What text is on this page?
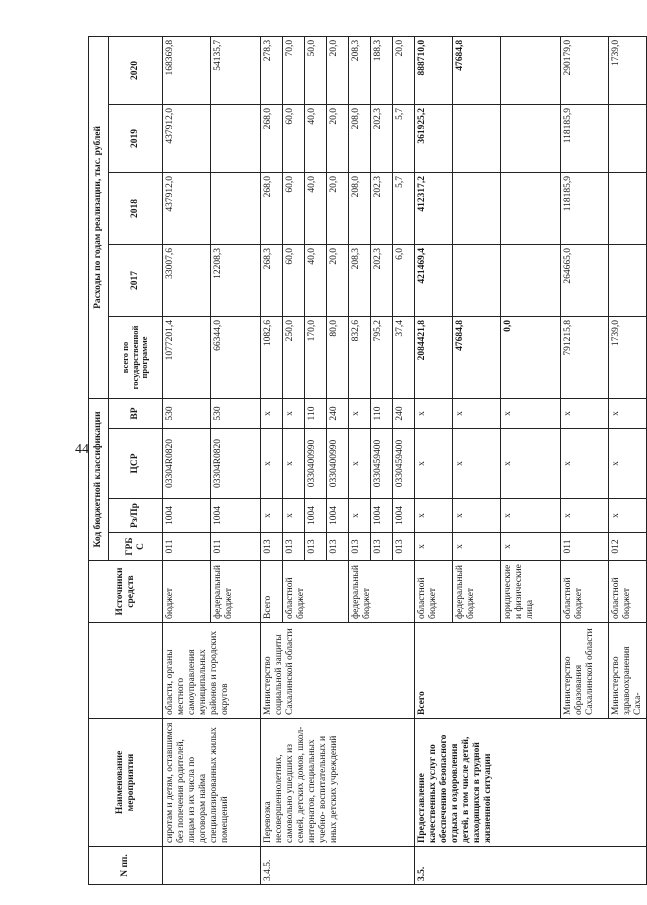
44
N пп.	Наименование мероприятия		Источники средств	Код бюджетной классификации				Расходы по годам реализации, тыс. рублей				
				ГРБС	Рз/Пр	ЦСР	ВР	всего по государственной программе	2017	2018	2019	2020
	сиротам и детям, оставшимся без попечения родителей, лицам из их числа по договорам найма специализированных жилых помещений	области, органы местного самоуправления муниципальных районов и городских округов	бюджет	011	1004	03304R0820	530	1077201,4	33007,6	437912,0	437912,0	168369,8
			федеральный бюджет	011	1004	03304R0820	530	66344,0	12208,3			54135,7
3.4.5.	Перевозка несовершеннолетних, самовольно ушедших из семей, детских домов, школ-интернатов, специальных учебно- воспитательных и иных детских учреждений	Министерство социальной защиты Сахалинской области	Всего	013	х	х	х	1082,6	268,3	268,0	268,0	278,3
			областной бюджет	013	х	х	х	250,0	60,0	60,0	60,0	70,0
				013	1004	0330400990	110	170,0	40,0	40,0	40,0	50,0
				013	1004	0330400990	240	80,0	20,0	20,0	20,0	20,0
			федеральный бюджет	013	х	х	х	832,6	208,3	208,0	208,0	208,3
				013	1004	0330459400	110	795,2	202,3	202,3	202,3	188,3
				013	1004	0330459400	240	37,4	6,0	5,7	5,7	20,0
3.5.	Предоставление качественных услуг по обеспечению безопасного отдыха и оздоровления детей, в том числе детей, находящихся в трудной жизненной ситуации	Всего	областной бюджет	х	х	х	х	2084421,8	421469,4	412317,2	361925,2	888710,0
			федеральный бюджет	х	х	х	х	47684,8				47684,8
			юридические и физические лица	х	х	х	х	0,0				
		Министерство образования Сахалинской области	областной бюджет	011	х	х	х	791215,8	264665,0	118185,9	118185,9	290179,0
		Министерство здравоохранения Саха-	областной бюджет	012	х	х	х	1739,0				1739,0
